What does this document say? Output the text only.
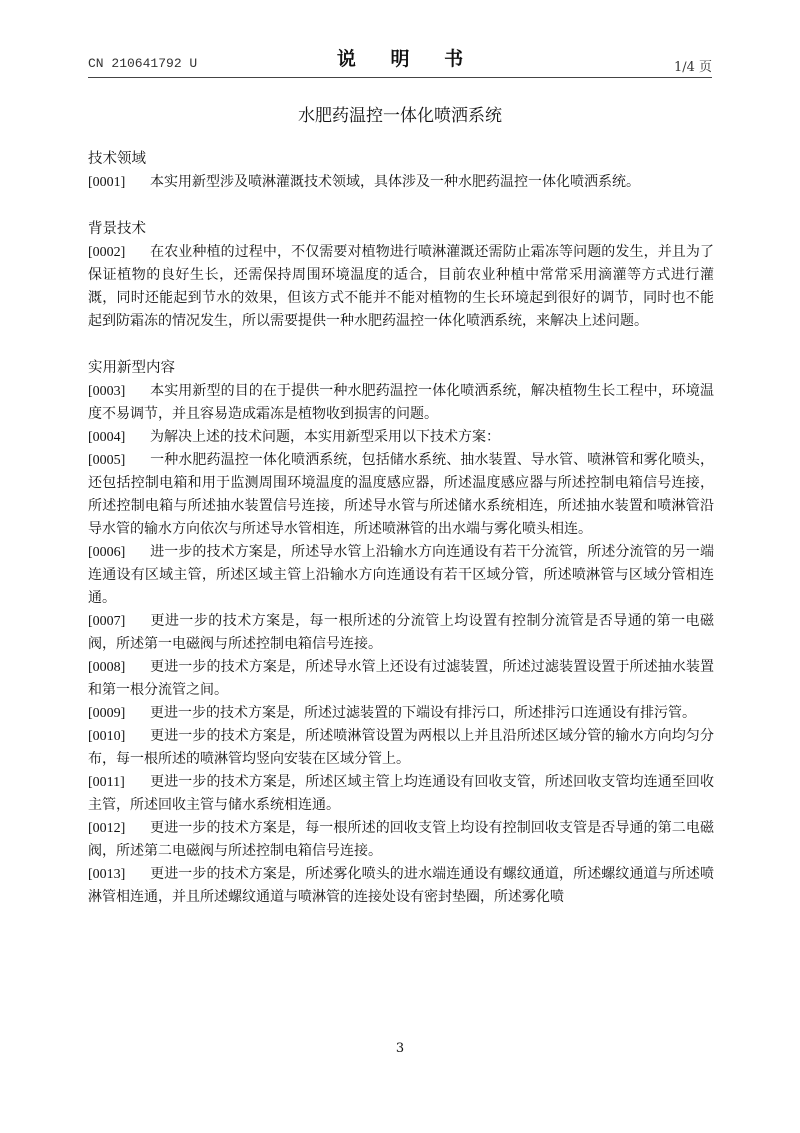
CN 210641792 U	说 明 书	1/4 页
水肥药温控一体化喷洒系统
技术领域

[0001] 本实用新型涉及喷淋灌溉技术领域，具体涉及一种水肥药温控一体化喷洒系统。

背景技术

[0002] 在农业种植的过程中，不仅需要对植物进行喷淋灌溉还需防止霜冻等问题的发生，并且为了保证植物的良好生长，还需保持周围环境温度的适合，目前农业种植中常常采用滴灌等方式进行灌溉，同时还能起到节水的效果，但该方式不能并不能对植物的生长环境起到很好的调节，同时也不能起到防霜冻的情况发生，所以需要提供一种水肥药温控一体化喷洒系统，来解决上述问题。

实用新型内容

[0003] 本实用新型的目的在于提供一种水肥药温控一体化喷洒系统，解决植物生长工程中，环境温度不易调节，并且容易造成霜冻是植物收到损害的问题。

[0004] 为解决上述的技术问题，本实用新型采用以下技术方案：

[0005] 一种水肥药温控一体化喷洒系统，包括储水系统、抽水装置、导水管、喷淋管和雾化喷头，还包括控制电箱和用于监测周围环境温度的温度感应器，所述温度感应器与所述控制电箱信号连接，所述控制电箱与所述抽水装置信号连接，所述导水管与所述储水系统相连，所述抽水装置和喷淋管沿导水管的输水方向依次与所述导水管相连，所述喷淋管的出水端与雾化喷头相连。

[0006] 进一步的技术方案是，所述导水管上沿输水方向连通设有若干分流管，所述分流管的另一端连通设有区域主管，所述区域主管上沿输水方向连通设有若干区域分管，所述喷淋管与区域分管相连通。

[0007] 更进一步的技术方案是，每一根所述的分流管上均设置有控制分流管是否导通的第一电磁阀，所述第一电磁阀与所述控制电箱信号连接。

[0008] 更进一步的技术方案是，所述导水管上还设有过滤装置，所述过滤装置设置于所述抽水装置和第一根分流管之间。

[0009] 更进一步的技术方案是，所述过滤装置的下端设有排污口，所述排污口连通设有排污管。

[0010] 更进一步的技术方案是，所述喷淋管设置为两根以上并且沿所述区域分管的输水方向均匀分布，每一根所述的喷淋管均竖向安装在区域分管上。

[0011] 更进一步的技术方案是，所述区域主管上均连通设有回收支管，所述回收支管均连通至回收主管，所述回收主管与储水系统相连通。

[0012] 更进一步的技术方案是，每一根所述的回收支管上均设有控制回收支管是否导通的第二电磁阀，所述第二电磁阀与所述控制电箱信号连接。

[0013] 更进一步的技术方案是，所述雾化喷头的进水端连通设有螺纹通道，所述螺纹通道与所述喷淋管相连通，并且所述螺纹通道与喷淋管的连接处设有密封垫圈，所述雾化喷

3
